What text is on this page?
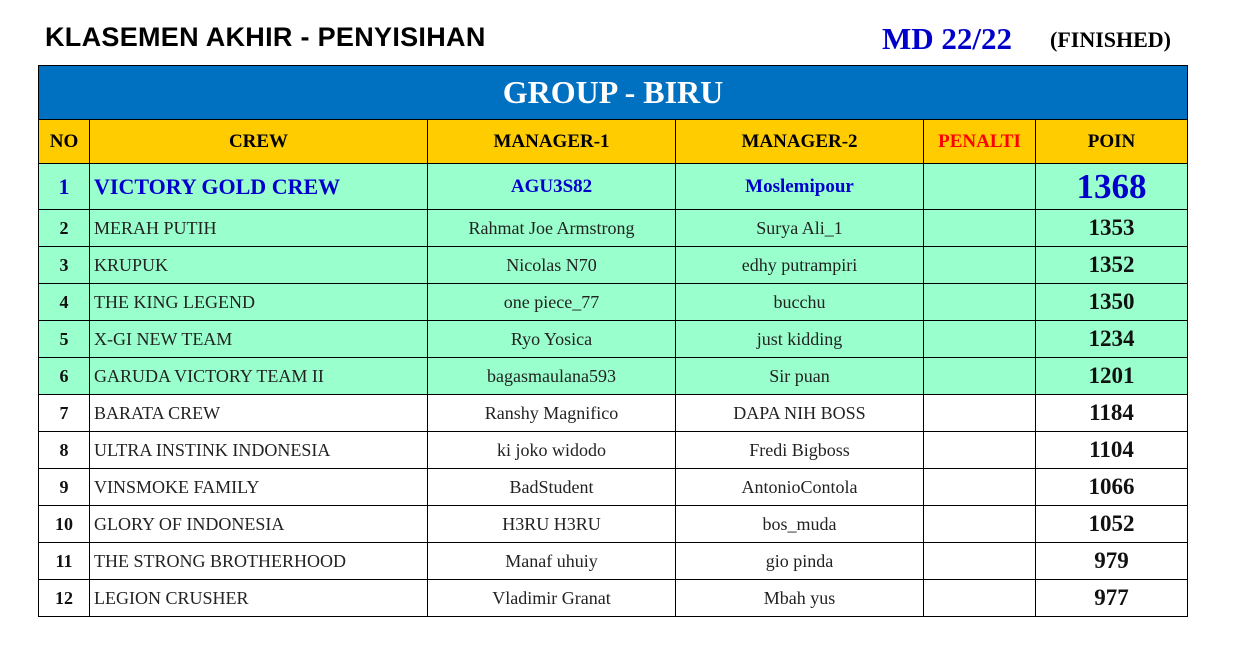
KLASEMEN AKHIR - PENYISIHAN	MD 22/22 (FINISHED)
GROUP - BIRU					
NO	CREW	MANAGER-1	MANAGER-2	PENALTI	POIN
1	VICTORY GOLD CREW	AGU3S82	Moslemipour		1368
2	MERAH PUTIH	Rahmat Joe Armstrong	Surya Ali_1		1353
3	KRUPUK	Nicolas N70	edhy putrampiri		1352
4	THE KING LEGEND	one piece_77	bucchu		1350
5	X-GI NEW TEAM	Ryo Yosica	just kidding		1234
6	GARUDA VICTORY TEAM II	bagasmaulana593	Sir puan		1201
7	BARATA CREW	Ranshy Magnifico	DAPA NIH BOSS		1184
8	ULTRA INSTINK INDONESIA	ki joko widodo	Fredi Bigboss		1104
9	VINSMOKE FAMILY	BadStudent	AntonioContola		1066
10	GLORY OF INDONESIA	H3RU H3RU	bos_muda		1052
11	THE STRONG BROTHERHOOD	Manaf uhuiy	gio pinda		979
12	LEGION CRUSHER	Vladimir Granat	Mbah yus		977
